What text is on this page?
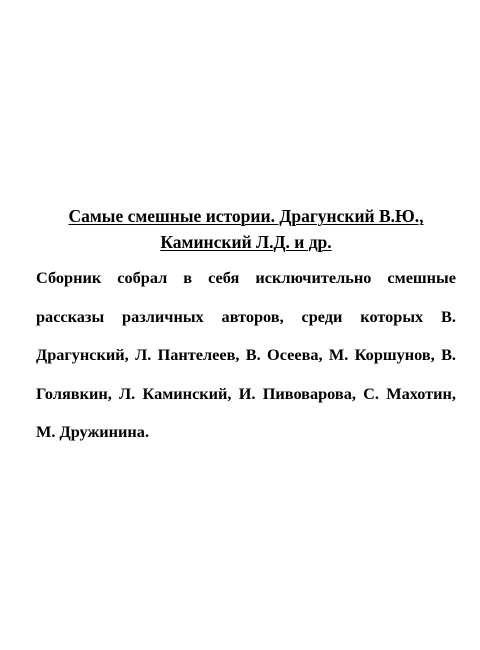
Самые смешные истории. Драгунский В.Ю., Каминский Л.Д. и др.

Сборник собрал в себя исключительно смешные рассказы различных авторов, среди которых В. Драгунский, Л. Пантелеев, В. Осеева, М. Коршунов, В. Голявкин, Л. Каминский, И. Пивоварова, С. Махотин, М. Дружинина.
